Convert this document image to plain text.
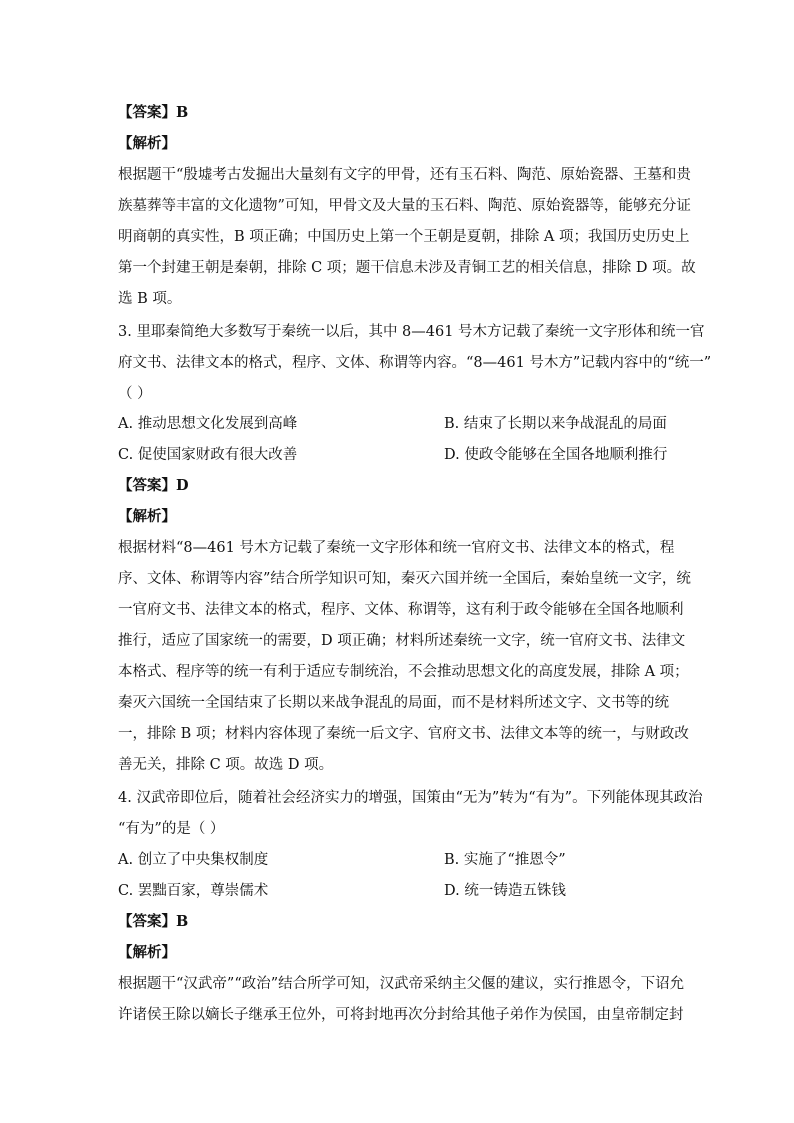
【答案】B
【解析】
根据题干“殷墟考古发掘出大量刻有文字的甲骨，还有玉石料、陶范、原始瓷器、王墓和贵
族墓葬等丰富的文化遗物”可知，甲骨文及大量的玉石料、陶范、原始瓷器等，能够充分证
明商朝的真实性，B 项正确；中国历史上第一个王朝是夏朝，排除 A 项；我国历史历史上
第一个封建王朝是秦朝，排除 C 项；题干信息未涉及青铜工艺的相关信息，排除 D 项。故
选 B 项。
3. 里耶秦简绝大多数写于秦统一以后，其中 8—461 号木方记载了秦统一文字形体和统一官
府文书、法律文本的格式，程序、文体、称谓等内容。“8—461 号木方”记载内容中的“统一”
（ ）
A. 推动思想文化发展到高峰	B. 结束了长期以来争战混乱的局面
C. 促使国家财政有很大改善	D. 使政令能够在全国各地顺利推行
【答案】D
【解析】
根据材料“8—461 号木方记载了秦统一文字形体和统一官府文书、法律文本的格式，程
序、文体、称谓等内容”结合所学知识可知，秦灭六国并统一全国后，秦始皇统一文字，统
一官府文书、法律文本的格式，程序、文体、称谓等，这有利于政令能够在全国各地顺利
推行，适应了国家统一的需要，D 项正确；材料所述秦统一文字，统一官府文书、法律文
本格式、程序等的统一有利于适应专制统治，不会推动思想文化的高度发展，排除 A 项；
秦灭六国统一全国结束了长期以来战争混乱的局面，而不是材料所述文字、文书等的统
一，排除 B 项；材料内容体现了秦统一后文字、官府文书、法律文本等的统一，与财政改
善无关，排除 C 项。故选 D 项。
4. 汉武帝即位后，随着社会经济实力的增强，国策由“无为”转为“有为”。下列能体现其政治
“有为”的是（ ）
A. 创立了中央集权制度	B. 实施了“推恩令”
C. 罢黜百家，尊崇儒术	D. 统一铸造五铢钱
【答案】B
【解析】
根据题干“汉武帝”“政治”结合所学可知，汉武帝采纳主父偃的建议，实行推恩令，下诏允
许诸侯王除以嫡长子继承王位外，可将封地再次分封给其他子弟作为侯国，由皇帝制定封
